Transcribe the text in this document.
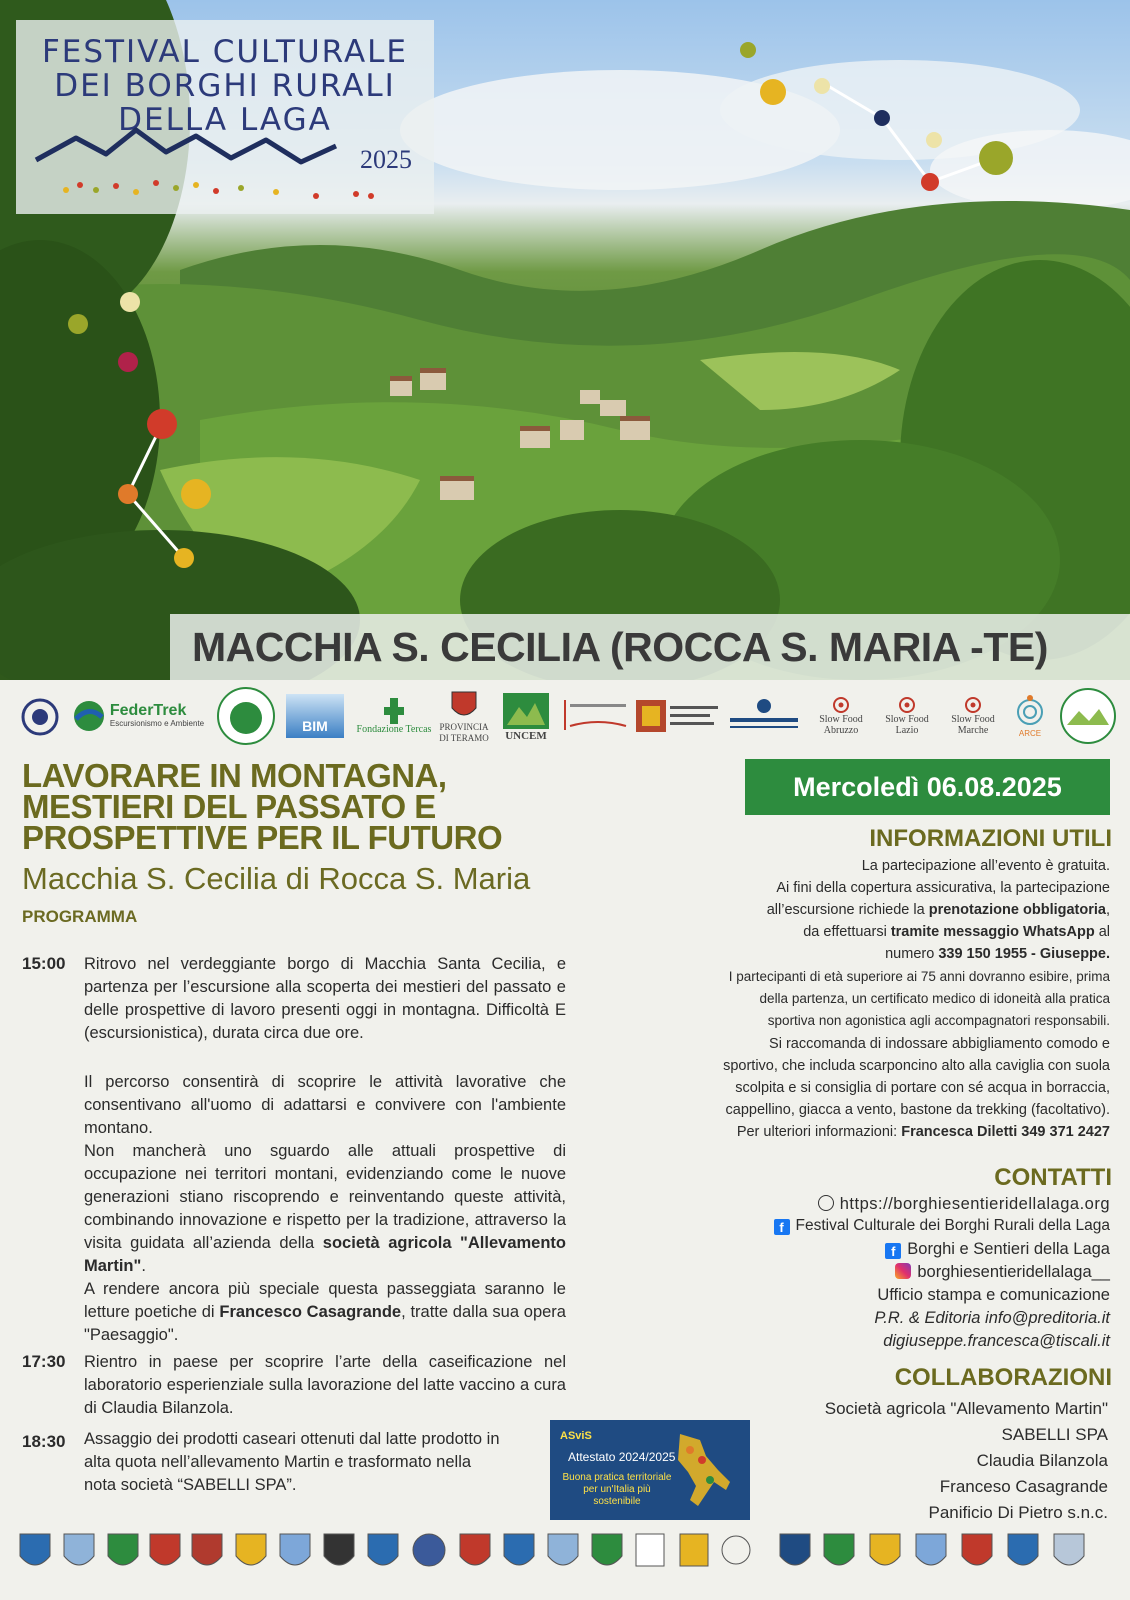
FESTIVAL CULTURALE
DEI BORGHI RURALI
DELLA LAGA
2025
MACCHIA S. CECILIA (ROCCA S. MARIA -TE)
FederTrek
Escursionismo e Ambiente	BIM	Fondazione Tercas PROVINCIA DI TERAMO UNCEM
Slow Food Abruzzo
Slow Food Lazio
Slow Food Marche	ARCE
LAVORARE IN MONTAGNA,
MESTIERI DEL PASSATO E
PROSPETTIVE PER IL FUTURO
Macchia S. Cecilia di Rocca S. Maria
PROGRAMMA
15:00 Ritrovo nel verdeggiante borgo di Macchia Santa Cecilia, e partenza per l’escursione alla scoperta dei mestieri del passato e delle prospettive di lavoro presenti oggi in montagna. Difficoltà E (escursionistica), durata circa due ore.
Il percorso consentirà di scoprire le attività lavorative che consentivano all'uomo di adattarsi e convivere con l'ambiente montano.
Non mancherà uno sguardo alle attuali prospettive di occupazione nei territori montani, evidenziando come le nuove generazioni stiano riscoprendo e reinventando queste attività, combinando innovazione e rispetto per la tradizione, attraverso la visita guidata all’azienda della società agricola "Allevamento Martin".
A rendere ancora più speciale questa passeggiata saranno le letture poetiche di Francesco Casagrande, tratte dalla sua opera "Paesaggio".
17:30 Rientro in paese per scoprire l’arte della caseificazione nel laboratorio esperienziale sulla lavorazione del latte vaccino a cura di Claudia Bilanzola.
18:30 Assaggio dei prodotti caseari ottenuti dal latte prodotto in alta quota nell’allevamento Martin e trasformato nella nota società “SABELLI SPA”.
ASviS
Attestato 2024/2025
Buona pratica territoriale per un'Italia più sostenibile
Mercoledì 06.08.2025
INFORMAZIONI UTILI
La partecipazione all’evento è gratuita.
Ai fini della copertura assicurativa, la partecipazione
all’escursione richiede la prenotazione obbligatoria,
da effettuarsi tramite messaggio WhatsApp al
numero 339 150 1955 - Giuseppe.
I partecipanti di età superiore ai 75 anni dovranno esibire, prima
della partenza, un certificato medico di idoneità alla pratica
sportiva non agonistica agli accompagnatori responsabili.
Si raccomanda di indossare abbigliamento comodo e
sportivo, che includa scarponcino alto alla caviglia con suola
scolpita e si consiglia di portare con sé acqua in borraccia,
cappellino, giacca a vento, bastone da trekking (facoltativo).
Per ulteriori informazioni: Francesca Diletti 349 371 2427
CONTATTI
https://borghiesentieridellalaga.org
f Festival Culturale dei Borghi Rurali della Laga
f Borghi e Sentieri della Laga
borghiesentieridellalaga__
Ufficio stampa e comunicazione
P.R. & Editoria info@preditoria.it
digiuseppe.francesca@tiscali.it
COLLABORAZIONI
Società agricola "Allevamento Martin"
SABELLI SPA
Claudia Bilanzola
Franceso Casagrande
Panificio Di Pietro s.n.c.
